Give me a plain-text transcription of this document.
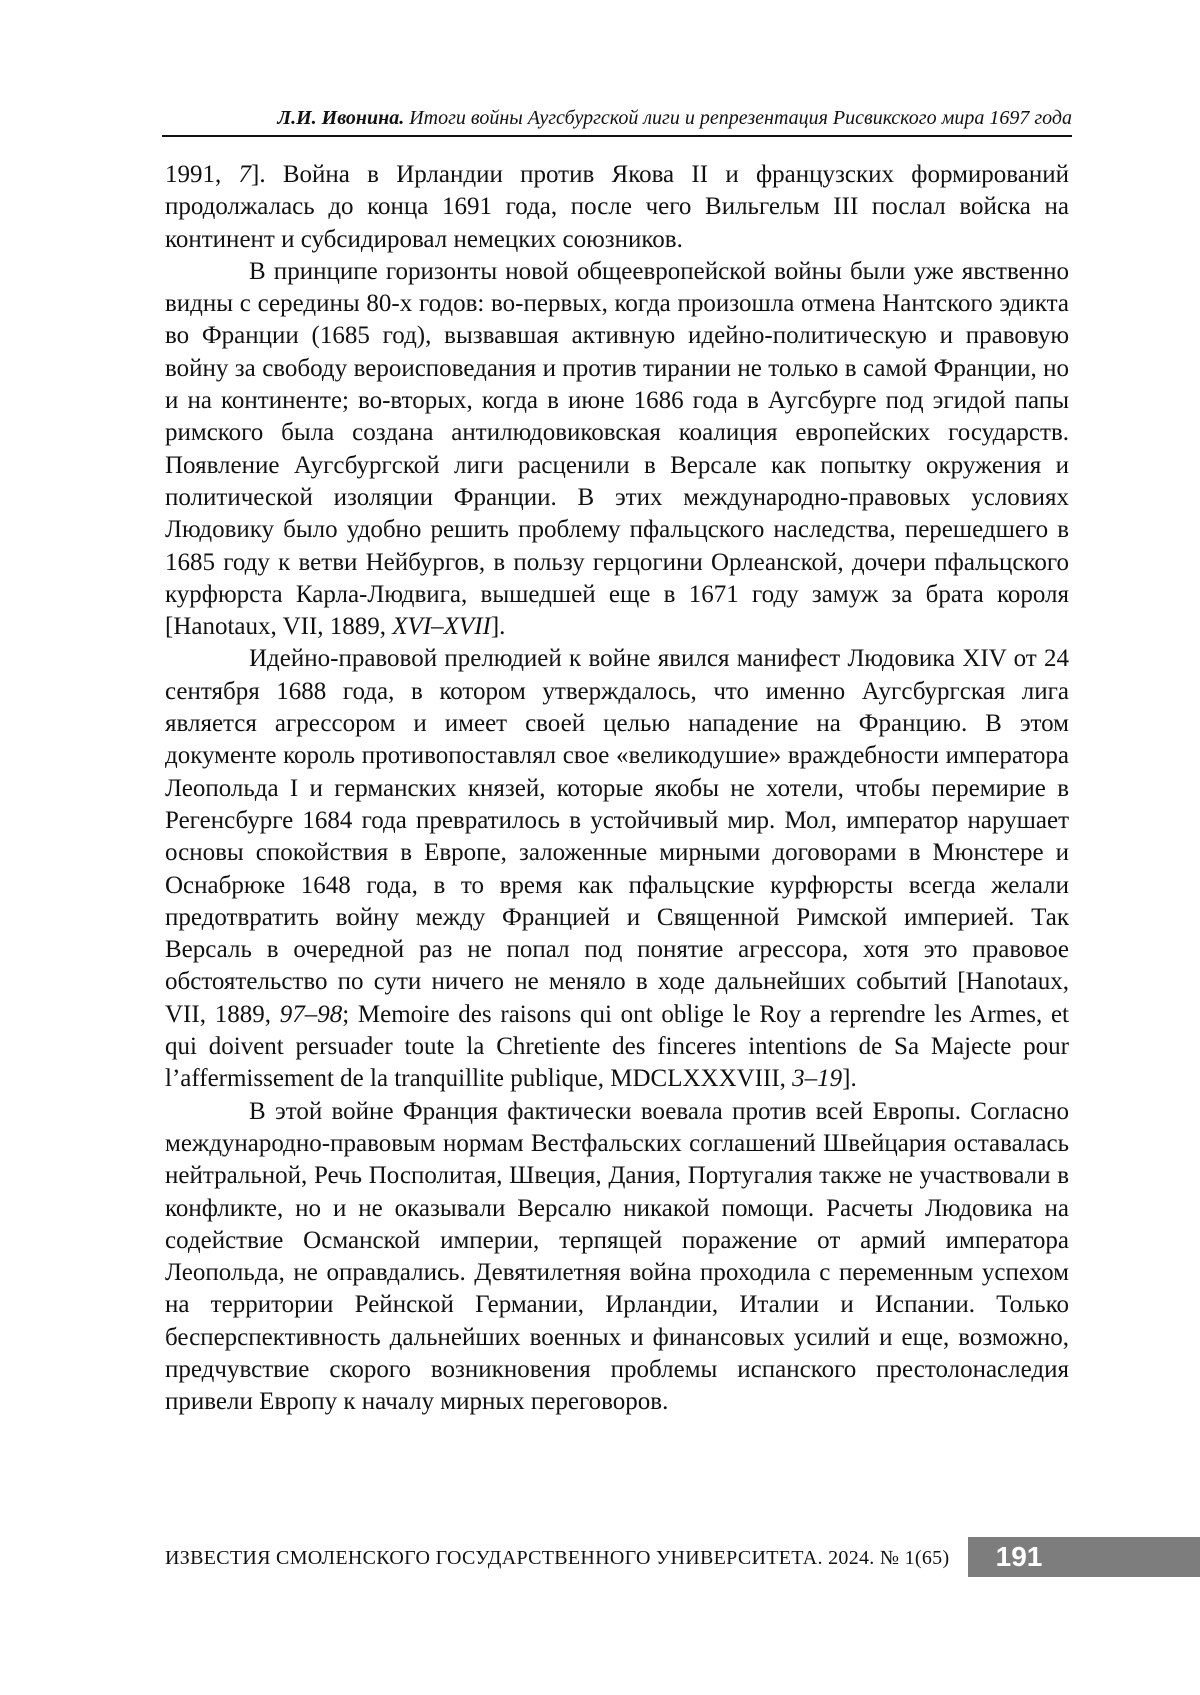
Л.И. Ивонина. Итоги войны Аугсбургской лиги и репрезентация Рисвикского мира 1697 года

1991, 7]. Война в Ирландии против Якова II и французских формирований продолжалась до конца 1691 года, после чего Вильгельм III послал войска на континент и субсидировал немецких союзников.

В принципе горизонты новой общеевропейской войны были уже явственно видны с середины 80-х годов: во-первых, когда произошла отмена Нантского эдикта во Франции (1685 год), вызвавшая активную идейно-политическую и правовую войну за свободу вероисповедания и против тирании не только в самой Франции, но и на континенте; во-вторых, когда в июне 1686 года в Аугсбурге под эгидой папы римского была создана антилюдовиковская коалиция европейских государств. Появление Аугсбургской лиги расценили в Версале как попытку окружения и политической изоляции Франции. В этих международно-правовых условиях Людовику было удобно решить проблему пфальцского наследства, перешедшего в 1685 году к ветви Нейбургов, в пользу герцогини Орлеанской, дочери пфальцского курфюрста Карла-Людвига, вышедшей еще в 1671 году замуж за брата короля [Hanotaux, VII, 1889, XVI–XVII].

Идейно-правовой прелюдией к войне явился манифест Людовика XIV от 24 сентября 1688 года, в котором утверждалось, что именно Аугсбургская лига является агрессором и имеет своей целью нападение на Францию. В этом документе король противопоставлял свое «великодушие» враждебности императора Леопольда I и германских князей, которые якобы не хотели, чтобы перемирие в Регенсбурге 1684 года превратилось в устойчивый мир. Мол, император нарушает основы спокойствия в Европе, заложенные мирными договорами в Мюнстере и Оснабрюке 1648 года, в то время как пфальцские курфюрсты всегда желали предотвратить войну между Францией и Священной Римской империей. Так Версаль в очередной раз не попал под понятие агрессора, хотя это правовое обстоятельство по сути ничего не меняло в ходе дальнейших событий [Hanotaux, VII, 1889, 97–98; Memoire des raisons qui ont oblige le Roy a reprendre les Armes, et qui doivent persuader toute la Chretiente des finceres intentions de Sa Majecte pour l’affermissement de la tranquillite publique, MDCLXXXVIII, 3–19].

В этой войне Франция фактически воевала против всей Европы. Согласно международно-правовым нормам Вестфальских соглашений Швейцария оставалась нейтральной, Речь Посполитая, Швеция, Дания, Португалия также не участвовали в конфликте, но и не оказывали Версалю никакой помощи. Расчеты Людовика на содействие Османской империи, терпящей поражение от армий императора Леопольда, не оправдались. Девятилетняя война проходила с переменным успехом на территории Рейнской Германии, Ирландии, Италии и Испании. Только бесперспективность дальнейших военных и финансовых усилий и еще, возможно, предчувствие скорого возникновения проблемы испанского престолонаследия привели Европу к началу мирных переговоров.

ИЗВЕСТИЯ СМОЛЕНСКОГО ГОСУДАРСТВЕННОГО УНИВЕРСИТЕТА. 2024. № 1(65)	191
